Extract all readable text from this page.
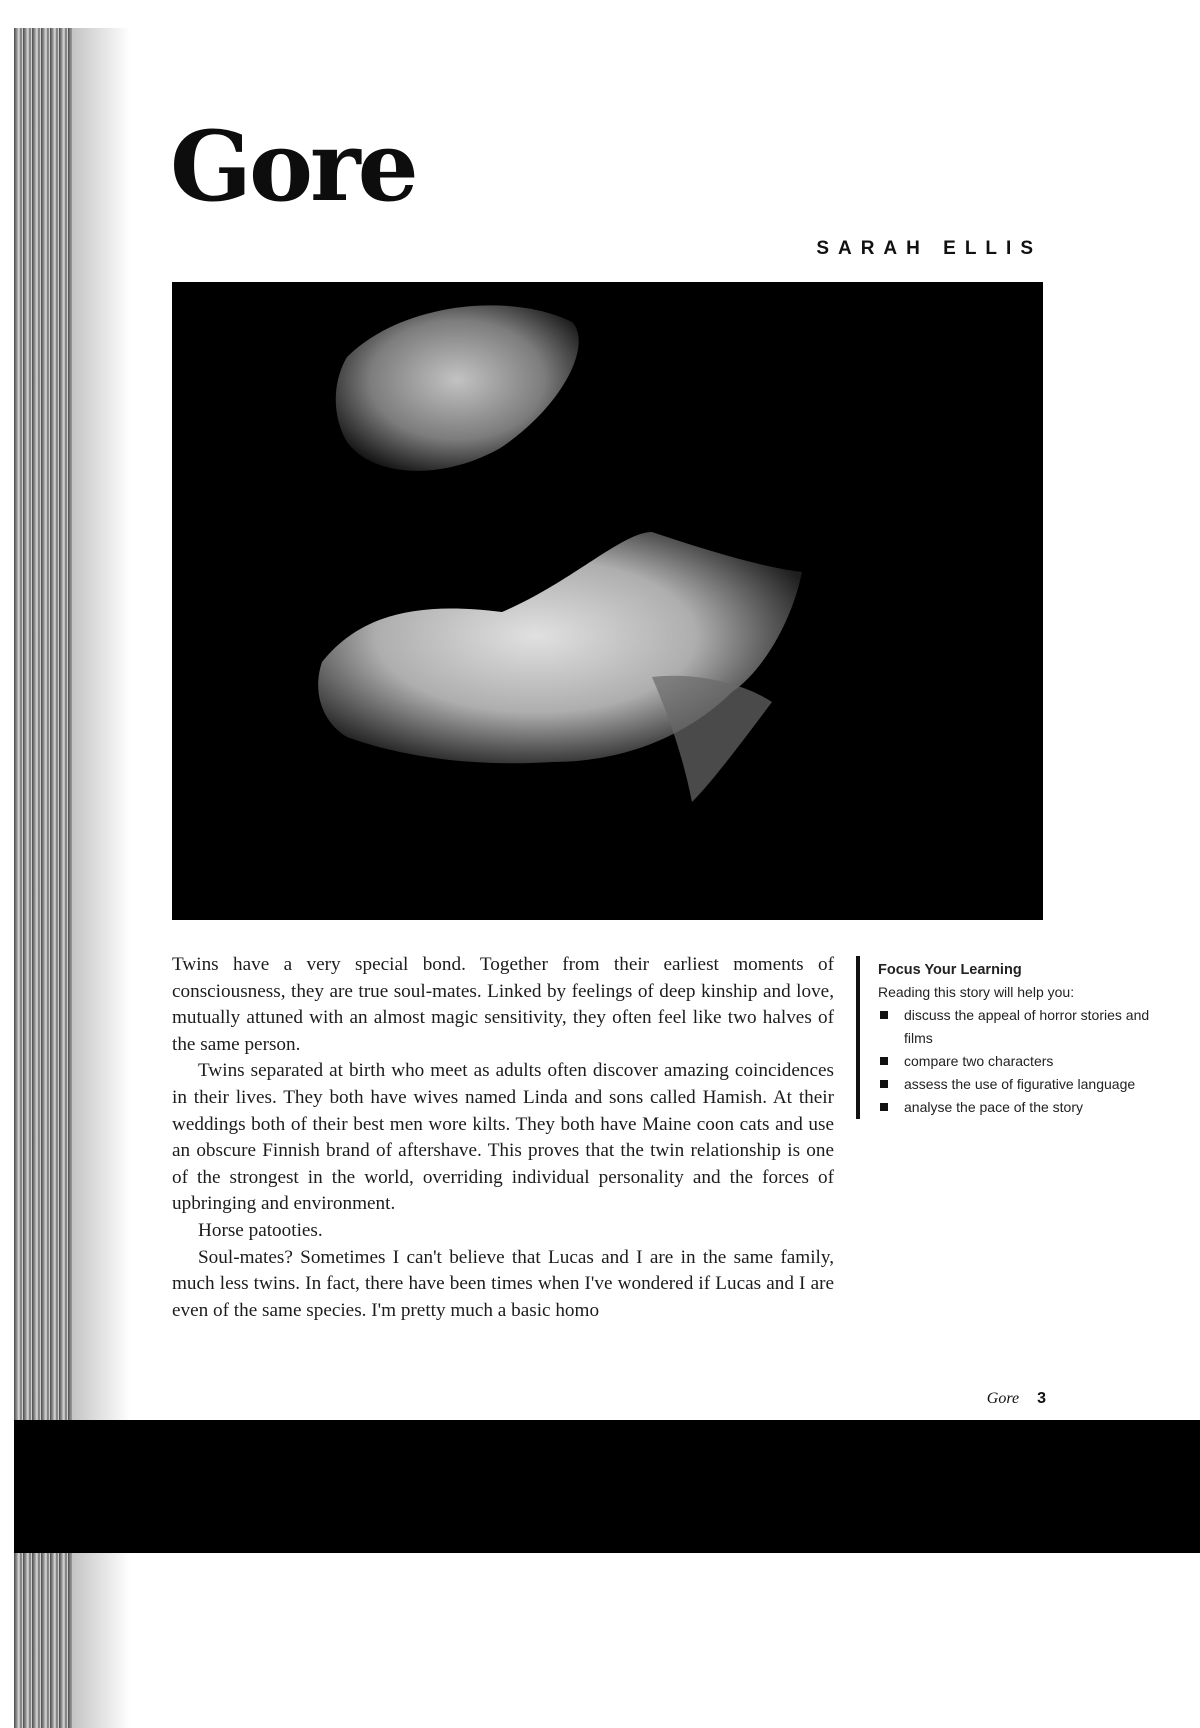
Gore
SARAH ELLIS

Twins have a very special bond. Together from their earliest moments of consciousness, they are true soul-mates. Linked by feelings of deep kinship and love, mutually attuned with an almost magic sensitivity, they often feel like two halves of the same person.

Twins separated at birth who meet as adults often discover amazing coincidences in their lives. They both have wives named Linda and sons called Hamish. At their weddings both of their best men wore kilts. They both have Maine coon cats and use an obscure Finnish brand of aftershave. This proves that the twin relationship is one of the strongest in the world, overriding individual personality and the forces of upbringing and environment.

Horse patooties.

Soul-mates? Sometimes I can't believe that Lucas and I are in the same family, much less twins. In fact, there have been times when I've wondered if Lucas and I are even of the same species. I'm pretty much a basic homo

Focus Your Learning

Reading this story will help you:

discuss the appeal of horror stories and films
compare two characters
assess the use of figurative language
analyse the pace of the story
Gore 3
